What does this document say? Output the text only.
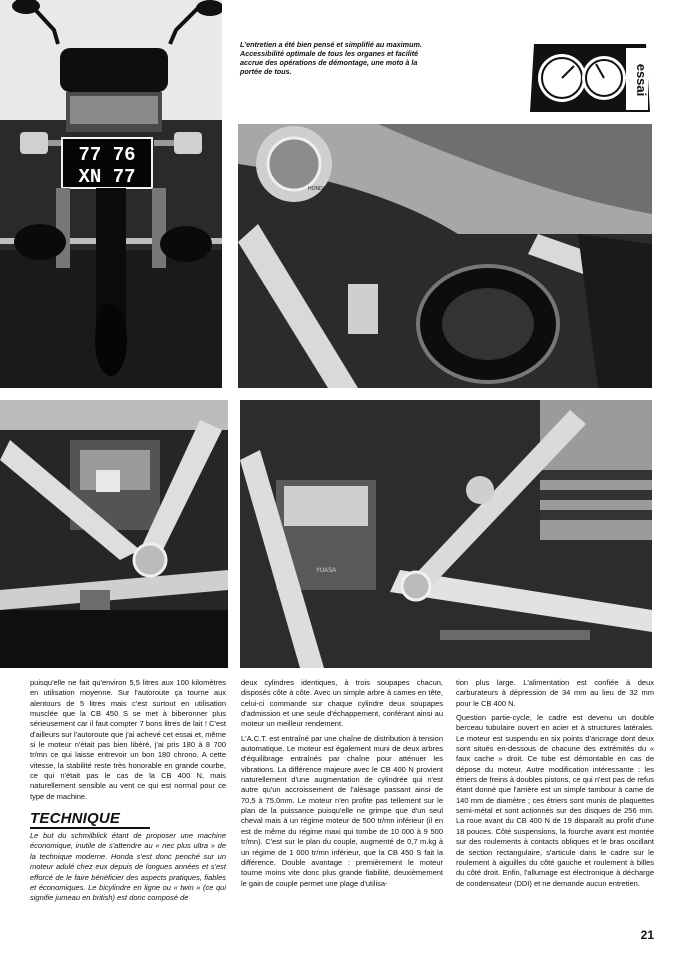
77 76
XN 77

L'entretien a été bien pensé et simplifié au maximum.
Accessibilité optimale de tous les organes et facilité
accrue des opérations de démontage, une moto à la
portée de tous.	essai
HONDA
YUASA

puisqu'elle ne fait qu'environ 5,5 litres aux 100 kilomètres en utilisation moyenne. Sur l'autoroute ça tourne aux alentours de 5 litres mais c'est surtout en utilisation musclée que la CB 450 S se met à biberonner plus sérieusement car il faut compter 7 bons litres de lait ! C'est d'ailleurs sur l'autoroute que j'ai achevé cet essai et, même si le moteur n'était pas bien libéré, j'ai pris 180 à 8 700 tr/mn ce qui laisse entrevoir un bon 180 chrono. A cette vitesse, la stabilité reste très honorable en grande courbe, ce qui n'était pas le cas de la CB 400 N, mais naturellement sensible au vent ce qui est normal pour ce type de machine.

TECHNIQUE

Le but du schmilblick étant de proposer une machine économique, inutile de s'attendre au « nec plus ultra » de la technique moderne. Honda s'est donc penché sur un moteur adulé chez eux depuis de longues années et s'est efforcé de le faire bénéficier des aspects pratiques, fiables et économiques. Le bicylindre en ligne ou « twin » (ce qui signifie jumeau en british) est donc composé de

deux cylindres identiques, à trois soupapes chacun, disposés côte à côte. Avec un simple arbre à cames en tête, celui-ci commande sur chaque cylindre deux soupapes d'admission et une seule d'échappement, conférant ainsi au moteur un meilleur rendement.

L'A.C.T. est entraîné par une chaîne de distribution à tension automatique. Le moteur est également muni de deux arbres d'équilibrage entraînés par chaîne pour atténuer les vibrations. La différence majeure avec le CB 400 N provient naturellement d'une augmentation de cylindrée qui n'est autre qu'un accroissement de l'alésage passant ainsi de 70,5 à 75,0mm. Le moteur n'en profite pas tellement sur le plan de la puissance puisqu'elle ne grimpe que d'un seul cheval mais à un régime moteur de 500 tr/mn inférieur (il en est de même du régime maxi qui tombe de 10 000 à 9 500 tr/mn). C'est sur le plan du couple, augmenté de 0,7 m.kg à un régime de 1 000 tr/mn inférieur, que la CB 450 S fait la différence. Double avantage : premièrement le moteur tourne moins vite donc plus grande fiabilité, deuxièmement le gain de couple permet une plage d'utilisa-

tion plus large. L'alimentation est confiée à deux carburateurs à dépression de 34 mm au lieu de 32 mm pour le CB 400 N.

Question partie-cycle, le cadre est devenu un double berceau tubulaire ouvert en acier et à structures latérales. Le moteur est suspendu en six points d'ancrage dont deux sont situés en-dessous de chacune des extrémités du « faux cache » droit. Ce tube est démontable en cas de dépose du moteur. Autre modification intéressante : les étriers de freins à doubles pistons, ce qui n'est pas de refus étant donné que l'arrière est un simple tambour à came de 140 mm de diamètre ; ces étriers sont munis de plaquettes semi-métal et sont actionnés sur des disques de 256 mm. La roue avant du CB 400 N de 19 disparaît au profit d'une 18 pouces. Côté suspensions, la fourche avant est montée sur des roulements à contacts obliques et le bras oscillant de section rectangulaire, s'articule dans le cadre sur le roulement à aiguilles du côté gauche et roulement à billes du côté droit. Enfin, l'allumage est électronique à décharge de condensateur (DDI) et ne demande aucun entretien.

21
